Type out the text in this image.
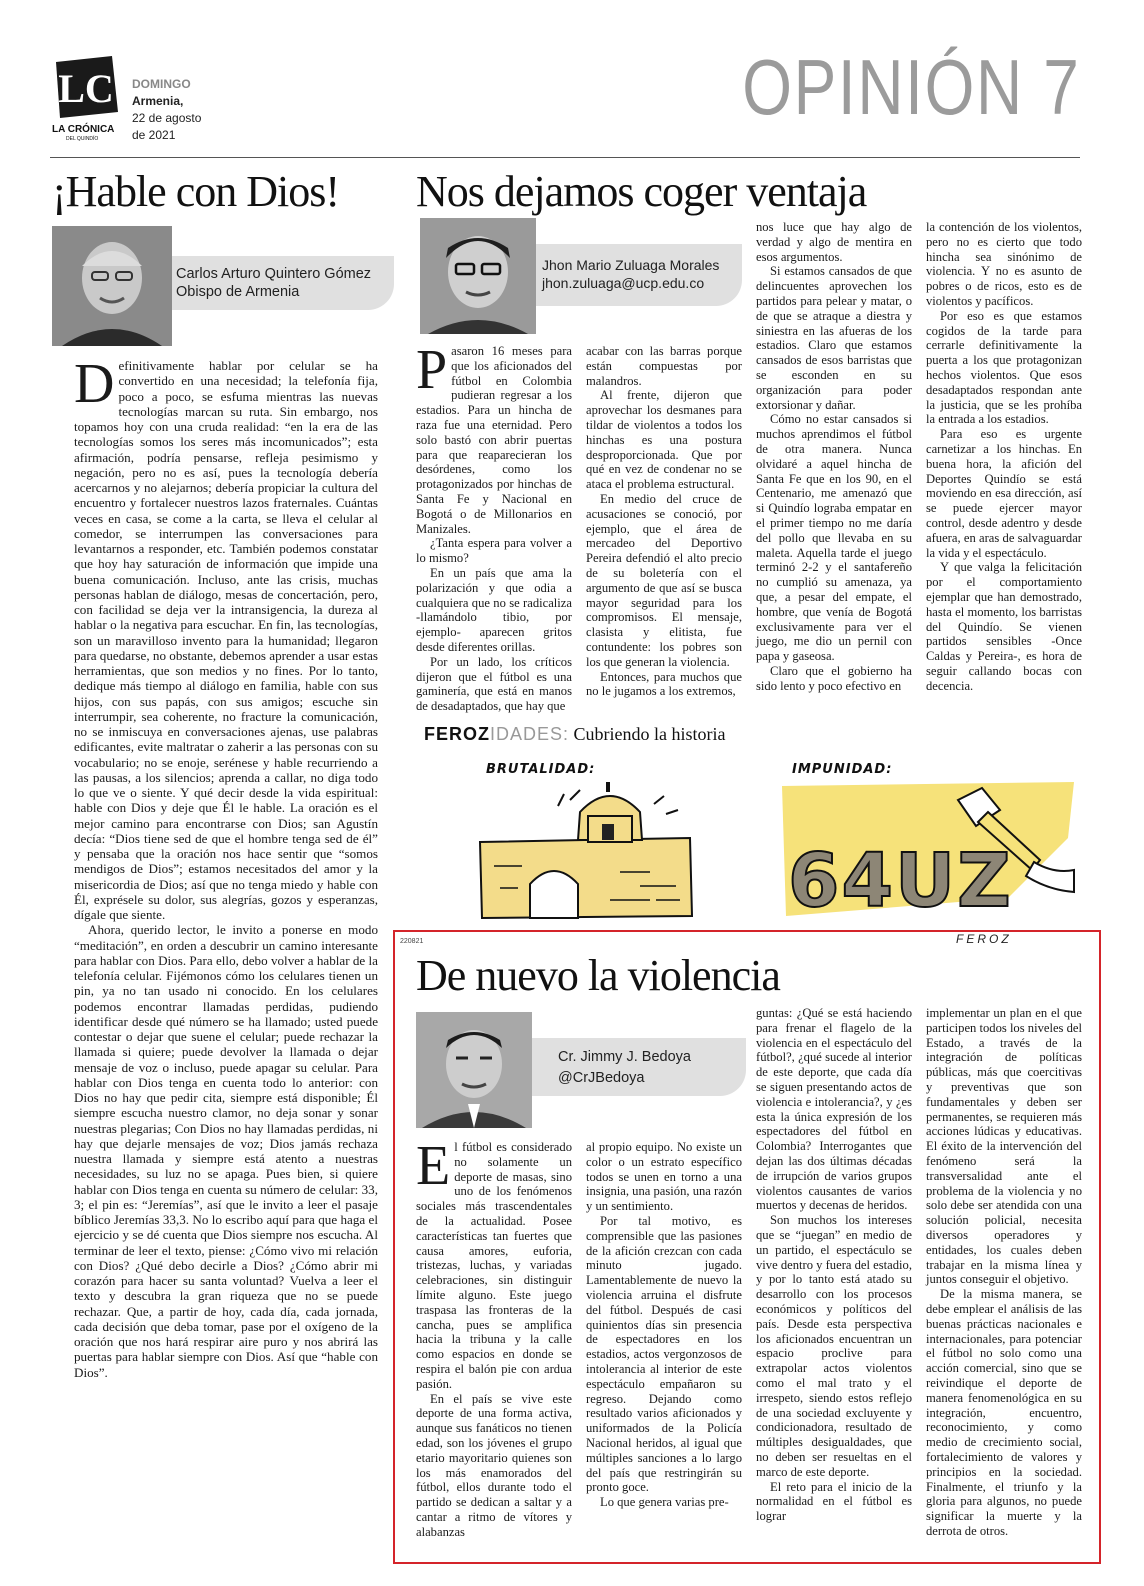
LC
LA CRÓNICA
DEL QUINDÍO
DOMINGO
Armenia,
22 de agosto
de 2021
OPINIÓN 7
¡Hable con Dios!
Carlos Arturo Quintero Gómez
Obispo de Armenia

Definitivamente hablar por celular se ha convertido en una necesidad; la telefonía fija, poco a poco, se esfuma mientras las nuevas tecnologías marcan su ruta. Sin embargo, nos topamos hoy con una cruda realidad: “en la era de las tecnologías somos los seres más incomunicados”; esta afirmación, podría pensarse, refleja pesimismo y negación, pero no es así, pues la tecnología debería acercarnos y no alejarnos; debería propiciar la cultura del encuentro y fortalecer nuestros lazos fraternales. Cuántas veces en casa, se come a la carta, se lleva el celular al comedor, se interrumpen las conversaciones para levantarnos a responder, etc. También podemos constatar que hoy hay saturación de información que impide una buena comunicación. Incluso, ante las crisis, muchas personas hablan de diálogo, mesas de concertación, pero, con facilidad se deja ver la intransigencia, la dureza al hablar o la negativa para escuchar. En fin, las tecnologías, son un maravilloso invento para la humanidad; llegaron para quedarse, no obstante, debemos aprender a usar estas herramientas, que son medios y no fines. Por lo tanto, dedique más tiempo al diálogo en familia, hable con sus hijos, con sus papás, con sus amigos; escuche sin interrumpir, sea coherente, no fracture la comunicación, no se inmiscuya en conversaciones ajenas, use palabras edificantes, evite maltratar o zaherir a las personas con su vocabulario; no se enoje, serénese y hable recurriendo a las pausas, a los silencios; aprenda a callar, no diga todo lo que ve o siente. Y qué decir desde la vida espiritual: hable con Dios y deje que Él le hable. La oración es el mejor camino para encontrarse con Dios; san Agustín decía: “Dios tiene sed de que el hombre tenga sed de él” y pensaba que la oración nos hace sentir que “somos mendigos de Dios”; estamos necesitados del amor y la misericordia de Dios; así que no tenga miedo y hable con Él, exprésele su dolor, sus alegrías, gozos y esperanzas, dígale que siente.

Ahora, querido lector, le invito a ponerse en modo “meditación”, en orden a descubrir un camino interesante para hablar con Dios. Para ello, debo volver a hablar de la telefonía celular. Fijémonos cómo los celulares tienen un pin, ya no tan usado ni conocido. En los celulares podemos encontrar llamadas perdidas, pudiendo identificar desde qué número se ha llamado; usted puede contestar o dejar que suene el celular; puede rechazar la llamada si quiere; puede devolver la llamada o dejar mensaje de voz o incluso, puede apagar su celular. Para hablar con Dios tenga en cuenta todo lo anterior: con Dios no hay que pedir cita, siempre está disponible; Él siempre escucha nuestro clamor, no deja sonar y sonar nuestras plegarias; Con Dios no hay llamadas perdidas, ni hay que dejarle mensajes de voz; Dios jamás rechaza nuestra llamada y siempre está atento a nuestras necesidades, su luz no se apaga. Pues bien, si quiere hablar con Dios tenga en cuenta su número de celular: 33, 3; el pin es: “Jeremías”, así que le invito a leer el pasaje bíblico Jeremías 33,3. No lo escribo aquí para que haga el ejercicio y se dé cuenta que Dios siempre nos escucha. Al terminar de leer el texto, piense: ¿Cómo vivo mi relación con Dios? ¿Qué debo decirle a Dios? ¿Cómo abrir mi corazón para hacer su santa voluntad? Vuelva a leer el texto y descubra la gran riqueza que no se puede rechazar. Que, a partir de hoy, cada día, cada jornada, cada decisión que deba tomar, pase por el oxígeno de la oración que nos hará respirar aire puro y nos abrirá las puertas para hablar siempre con Dios. Así que “hable con Dios”.

Nos dejamos coger ventaja
Jhon Mario Zuluaga Morales
jhon.zuluaga@ucp.edu.co

Pasaron 16 meses para que los aficionados del fútbol en Colombia pudieran regresar a los estadios. Para un hincha de raza fue una eternidad. Pero solo bastó con abrir puertas para que reaparecieran los desórdenes, como los protagonizados por hinchas de Santa Fe y Nacional en Bogotá o de Millonarios en Manizales.

¿Tanta espera para volver a lo mismo?

En un país que ama la polarización y que odia a cualquiera que no se radicaliza -llamándolo tibio, por ejemplo- aparecen gritos desde diferentes orillas.

Por un lado, los críticos dijeron que el fútbol es una gaminería, que está en manos de desadaptados, que hay que

acabar con las barras porque están compuestas por malandros.

Al frente, dijeron que aprovechar los desmanes para tildar de violentos a todos los hinchas es una postura desproporcionada. Que por qué en vez de condenar no se ataca el problema estructural.

En medio del cruce de acusaciones se conoció, por ejemplo, que el área de mercadeo del Deportivo Pereira defendió el alto precio de su boletería con el argumento de que así se busca mayor seguridad para los compromisos. El mensaje, clasista y elitista, fue contundente: los pobres son los que generan la violencia.

Entonces, para muchos que no le jugamos a los extremos,

nos luce que hay algo de verdad y algo de mentira en esos argumentos.

Si estamos cansados de que delincuentes aprovechen los partidos para pelear y matar, o de que se atraque a diestra y siniestra en las afueras de los estadios. Claro que estamos cansados de esos barristas que se esconden en su organización para poder extorsionar y dañar.

Cómo no estar cansados si muchos aprendimos el fútbol de otra manera. Nunca olvidaré a aquel hincha de Santa Fe que en los 90, en el Centenario, me amenazó que si Quindío lograba empatar en el primer tiempo no me daría del pollo que llevaba en su maleta. Aquella tarde el juego terminó 2-2 y el santafereño no cumplió su amenaza, ya que, a pesar del empate, el hombre, que venía de Bogotá exclusivamente para ver el juego, me dio un pernil con papa y gaseosa.

Claro que el gobierno ha sido lento y poco efectivo en

la contención de los violentos, pero no es cierto que todo hincha sea sinónimo de violencia. Y no es asunto de pobres o de ricos, esto es de violentos y pacíficos.

Por eso es que estamos cogidos de la tarde para cerrarle definitivamente la puerta a los que protagonizan hechos violentos. Que esos desadaptados respondan ante la justicia, que se les prohíba la entrada a los estadios.

Para eso es urgente carnetizar a los hinchas. En buena hora, la afición del Deportes Quindío se está moviendo en esa dirección, así se puede ejercer mayor control, desde adentro y desde afuera, en aras de salvaguardar la vida y el espectáculo.

Y que valga la felicitación por el comportamiento ejemplar que han demostrado, hasta el momento, los barristas del Quindío. Se vienen partidos sensibles -Once Caldas y Pereira-, es hora de seguir callando bocas con decencia.

FEROZIDADES: Cubriendo la historia
BRUTALIDAD:	IMPUNIDAD:
64UZ
220821	FEROZ
De nuevo la violencia
Cr. Jimmy J. Bedoya
@CrJBedoya

El fútbol es considerado no solamente un deporte de masas, sino uno de los fenómenos sociales más trascendentales de la actualidad. Posee características tan fuertes que causa amores, euforia, tristezas, luchas, y variadas celebraciones, sin distinguir límite alguno. Este juego traspasa las fronteras de la cancha, pues se amplifica hacia la tribuna y la calle como espacios en donde se respira el balón pie con ardua pasión.

En el país se vive este deporte de una forma activa, aunque sus fanáticos no tienen edad, son los jóvenes el grupo etario mayoritario quienes son los más enamorados del fútbol, ellos durante todo el partido se dedican a saltar y a cantar a ritmo de vítores y alabanzas

al propio equipo. No existe un color o un estrato específico todos se unen en torno a una insignia, una pasión, una razón y un sentimiento.

Por tal motivo, es comprensible que las pasiones de la afición crezcan con cada minuto jugado. Lamentablemente de nuevo la violencia arruina el disfrute del fútbol. Después de casi quinientos días sin presencia de espectadores en los estadios, actos vergonzosos de intolerancia al interior de este espectáculo empañaron su regreso. Dejando como resultado varios aficionados y uniformados de la Policía Nacional heridos, al igual que múltiples sanciones a lo largo del país que restringirán su pronto goce.

Lo que genera varias pre-

guntas: ¿Qué se está haciendo para frenar el flagelo de la violencia en el espectáculo del fútbol?, ¿qué sucede al interior de este deporte, que cada día se siguen presentando actos de violencia e intolerancia?, y ¿es esta la única expresión de los espectadores del fútbol en Colombia? Interrogantes que dejan las dos últimas décadas de irrupción de varios grupos violentos causantes de varios muertos y decenas de heridos.

Son muchos los intereses que se “juegan” en medio de un partido, el espectáculo se vive dentro y fuera del estadio, y por lo tanto está atado su desarrollo con los procesos económicos y políticos del país. Desde esta perspectiva los aficionados encuentran un espacio proclive para extrapolar actos violentos como el mal trato y el irrespeto, siendo estos reflejo de una sociedad excluyente y condicionadora, resultado de múltiples desigualdades, que no deben ser resueltas en el marco de este deporte.

El reto para el inicio de la normalidad en el fútbol es lograr

implementar un plan en el que participen todos los niveles del Estado, a través de la integración de políticas públicas, más que coercitivas y preventivas que son fundamentales y deben ser permanentes, se requieren más acciones lúdicas y educativas. El éxito de la intervención del fenómeno será la transversalidad ante el problema de la violencia y no solo debe ser atendida con una solución policial, necesita diversos operadores y entidades, los cuales deben trabajar en la misma línea y juntos conseguir el objetivo.

De la misma manera, se debe emplear el análisis de las buenas prácticas nacionales e internacionales, para potenciar el fútbol no solo como una acción comercial, sino que se reivindique el deporte de manera fenomenológica en su integración, encuentro, reconocimiento, y como medio de crecimiento social, fortalecimiento de valores y principios en la sociedad. Finalmente, el triunfo y la gloria para algunos, no puede significar la muerte y la derrota de otros.
